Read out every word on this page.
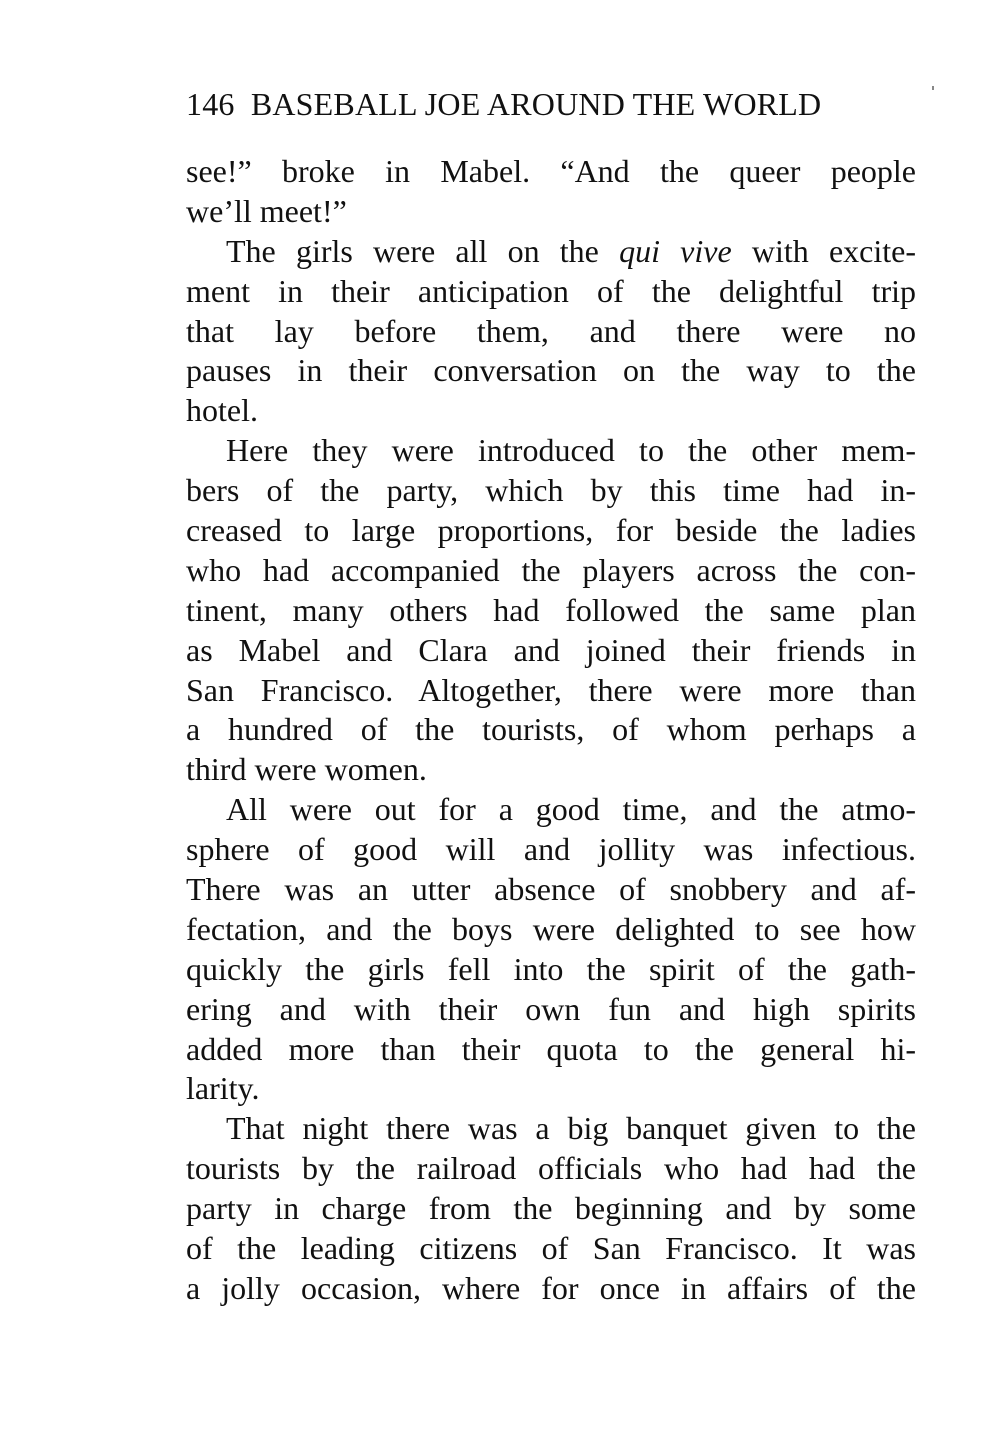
146 BASEBALL JOE AROUND THE WORLD
see!” broke in Mabel. “And the queer people
we’ll meet!”
The girls were all on the qui vive with excite-
ment in their anticipation of the delightful trip
that lay before them, and there were no
pauses in their conversation on the way to the
hotel.
Here they were introduced to the other mem-
bers of the party, which by this time had in-
creased to large proportions, for beside the ladies
who had accompanied the players across the con-
tinent, many others had followed the same plan
as Mabel and Clara and joined their friends in
San Francisco. Altogether, there were more than
a hundred of the tourists, of whom perhaps a
third were women.
All were out for a good time, and the atmo-
sphere of good will and jollity was infectious.
There was an utter absence of snobbery and af-
fectation, and the boys were delighted to see how
quickly the girls fell into the spirit of the gath-
ering and with their own fun and high spirits
added more than their quota to the general hi-
larity.
That night there was a big banquet given to the
tourists by the railroad officials who had had the
party in charge from the beginning and by some
of the leading citizens of San Francisco. It was
a jolly occasion, where for once in affairs of the
